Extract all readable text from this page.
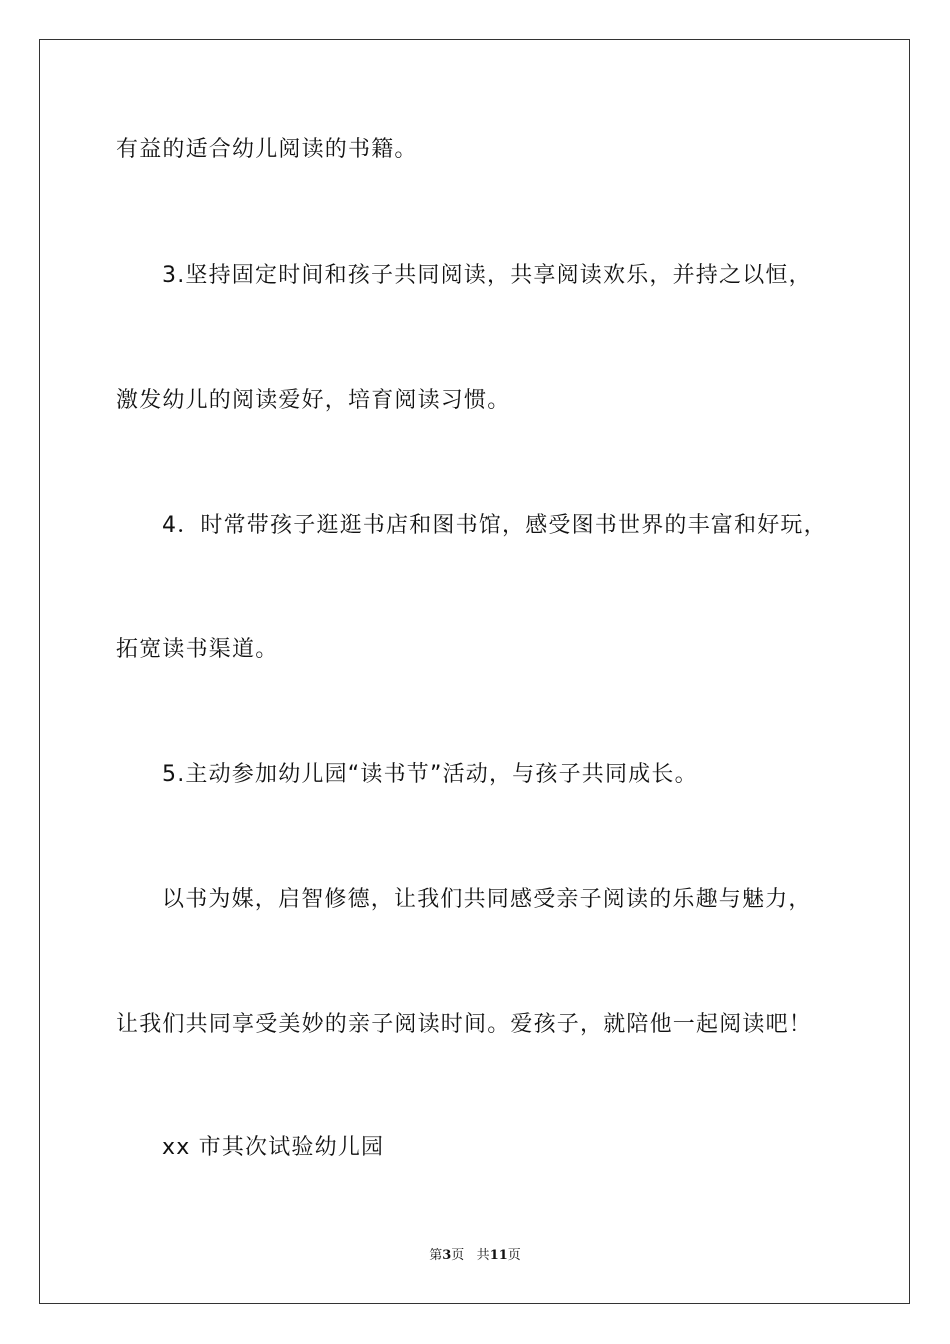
有益的适合幼儿阅读的书籍。
3.坚持固定时间和孩子共同阅读，共享阅读欢乐，并持之以恒，
激发幼儿的阅读爱好，培育阅读习惯。
4．时常带孩子逛逛书店和图书馆，感受图书世界的丰富和好玩，
拓宽读书渠道。
5.主动参加幼儿园“读书节”活动，与孩子共同成长。
以书为媒，启智修德，让我们共同感受亲子阅读的乐趣与魅力，
让我们共同享受美妙的亲子阅读时间。爱孩子，就陪他一起阅读吧！
xx 市其次试验幼儿园
第3页 共11页
